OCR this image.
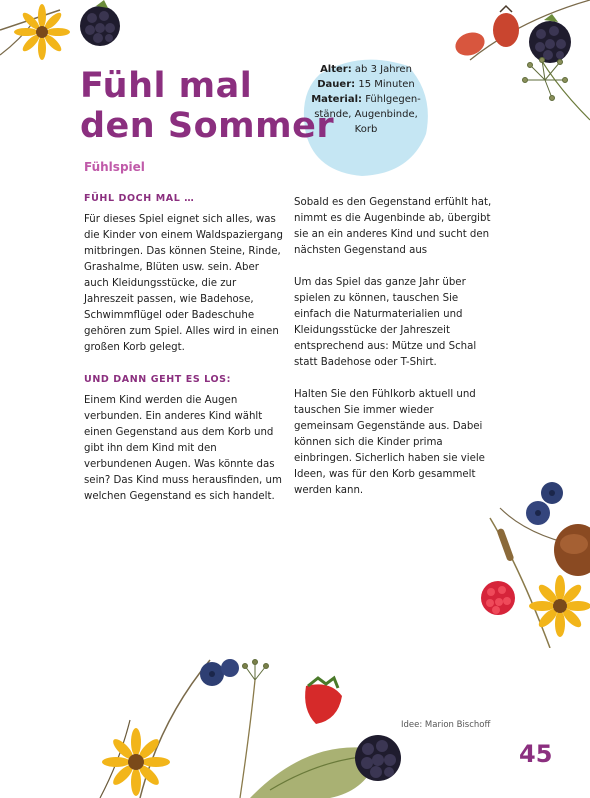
Fühl mal
den Sommer
Fühlspiel
Alter: ab 3 Jahren
Dauer: 15 Minuten
Material: Fühlgegen-
stände, Augenbinde,
Korb
FÜHL DOCH MAL …

Für dieses Spiel eignet sich alles, was die Kinder von einem Waldspaziergang mitbringen. Das können Steine, Rinde, Grashalme, Blüten usw. sein. Aber auch Kleidungsstücke, die zur Jahreszeit passen, wie Badehose, Schwimmflügel oder Badeschuhe gehören zum Spiel. Alles wird in einen großen Korb gelegt.

UND DANN GEHT ES LOS:

Einem Kind werden die Augen verbunden. Ein anderes Kind wählt einen Gegenstand aus dem Korb und gibt ihn dem Kind mit den verbundenen Augen. Was könnte das sein? Das Kind muss herausfinden, um welchen Gegenstand es sich handelt.

Sobald es den Gegenstand erfühlt hat, nimmt es die Augenbinde ab, übergibt sie an ein anderes Kind und sucht den nächsten Gegenstand aus

Um das Spiel das ganze Jahr über spielen zu können, tauschen Sie einfach die Naturmaterialien und Kleidungsstücke der Jahreszeit entsprechend aus: Mütze und Schal statt Badehose oder T-Shirt.

Halten Sie den Fühlkorb aktuell und tauschen Sie immer wieder gemeinsam Gegenstände aus. Dabei können sich die Kinder prima einbringen. Sicherlich haben sie viele Ideen, was für den Korb gesammelt werden kann.

Idee: Marion Bischoff
45
